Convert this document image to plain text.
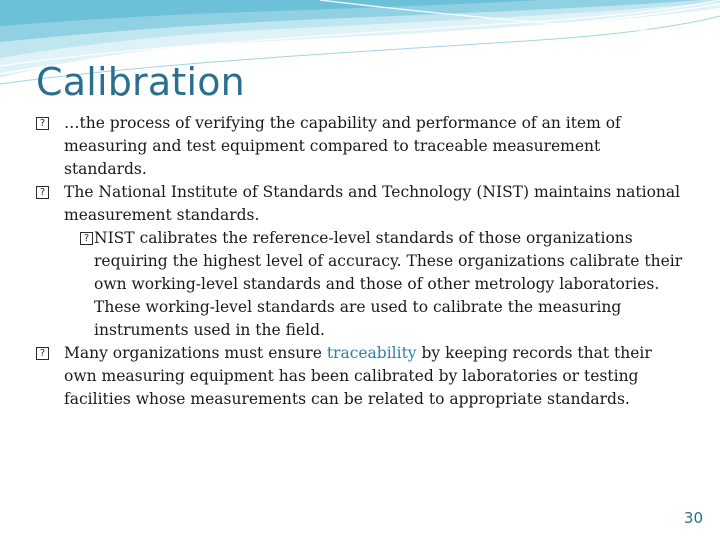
Calibration

? …the process of verifying the capability and performance of an item of measuring and test equipment compared to traceable measurement standards.

? The National Institute of Standards and Technology (NIST) maintains national measurement standards.

? NIST calibrates the reference-level standards of those organizations requiring the highest level of accuracy. These organizations calibrate their own working-level standards and those of other metrology laboratories. These working-level standards are used to calibrate the measuring instruments used in the field.

? Many organizations must ensure traceability by keeping records that their own measuring equipment has been calibrated by laboratories or testing facilities whose measurements can be related to appropriate standards.

30
